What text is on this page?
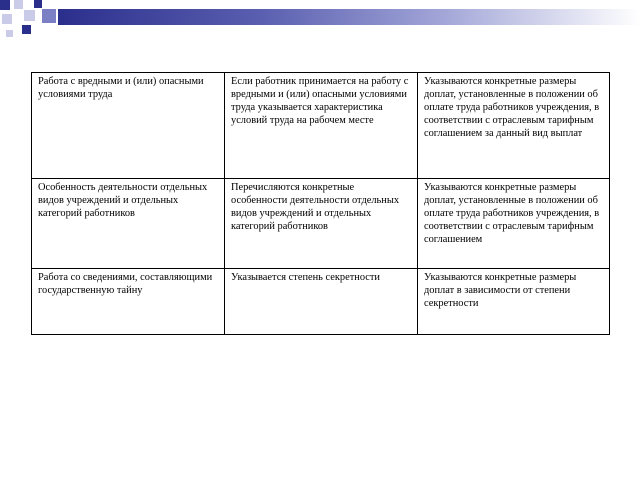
Работа с вредными и (или) опасными условиями труда	Если работник принимается на работу с вредными и (или) опасными условиями труда указывается характеристика условий труда на рабочем месте	Указываются конкретные размеры доплат, установленные в положении об оплате труда работников учреждения, в соответствии с отраслевым тарифным соглашением за данный вид выплат
Особенность деятельности отдельных видов учреждений и отдельных категорий работников	Перечисляются конкретные особенности деятельности отдельных видов учреждений и отдельных категорий работников	Указываются конкретные размеры доплат, установленные в положении об оплате труда работников учреждения, в соответствии с отраслевым тарифным соглашением
Работа со сведениями, составляющими государственную тайну	Указывается степень секретности	Указываются конкретные размеры доплат в зависимости от степени секретности
